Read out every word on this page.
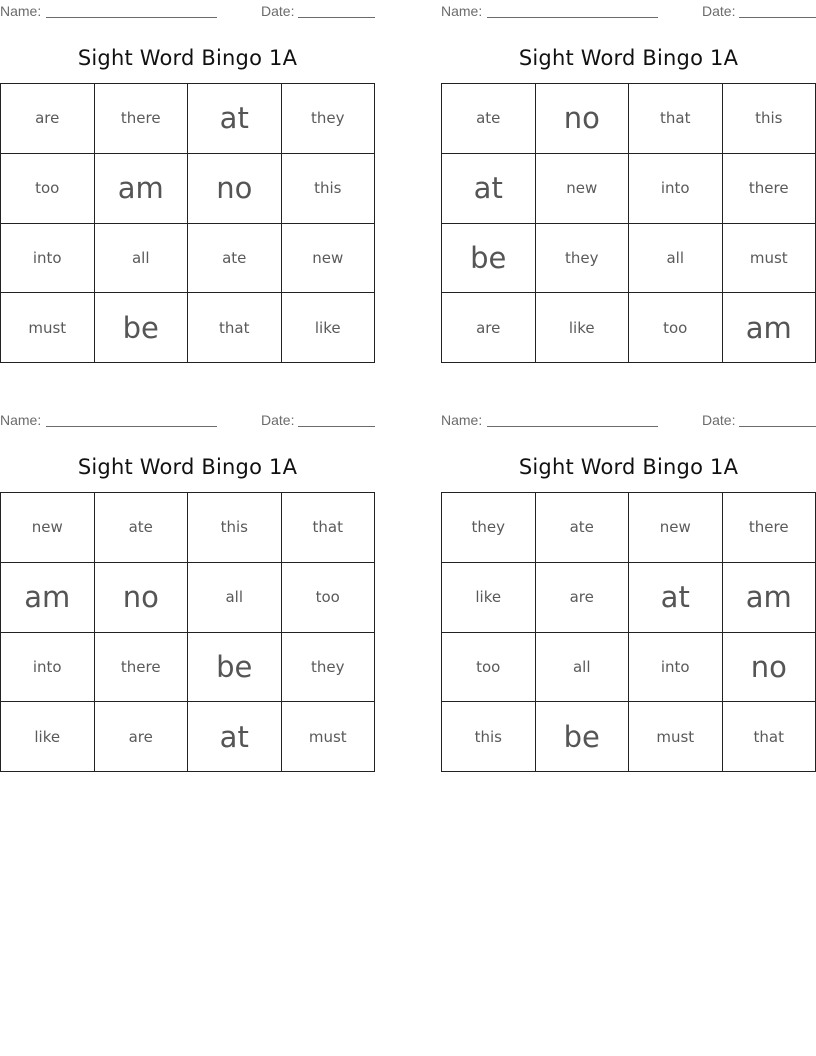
Name:	Date:
Sight Word Bingo 1A
are	there	at	they
too	am	no	this
into	all	ate	new
must	be	that	like
Name:	Date:
Sight Word Bingo 1A
ate	no	that	this
at	new	into	there
be	they	all	must
are	like	too	am
Name:	Date:
Sight Word Bingo 1A
new	ate	this	that
am	no	all	too
into	there	be	they
like	are	at	must
Name:	Date:
Sight Word Bingo 1A
they	ate	new	there
like	are	at	am
too	all	into	no
this	be	must	that
